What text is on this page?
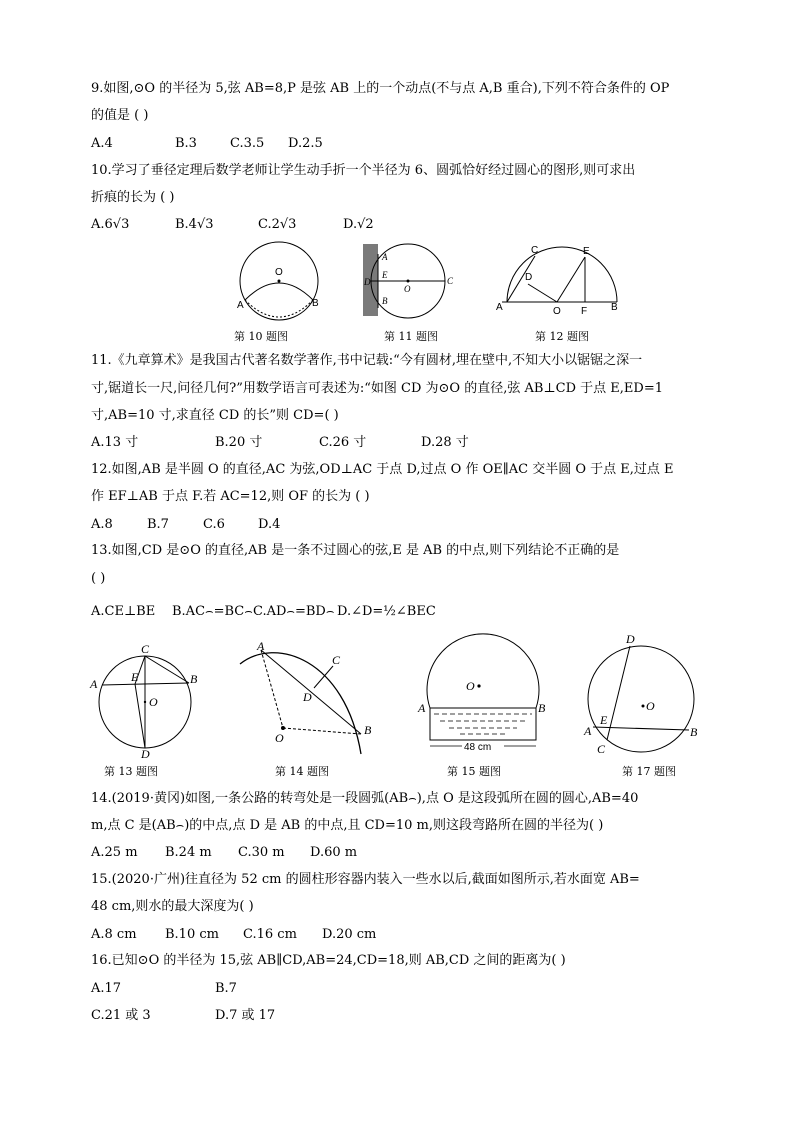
9.如图,⊙O 的半径为 5,弦 AB=8,P 是弦 AB 上的一个动点(不与点 A,B 重合),下列不符合条件的 OP
的值是 ( )
A.4	B.3	C.3.5 D.2.5
10.学习了垂径定理后数学老师让学生动手折一个半径为 6、圆弧恰好经过圆心的图形,则可求出
折痕的长为 ( )
A.6√3	B.4√3	C.2√3	D.√2
O
A	B
A
E
D
O
C
B
C	E
D
A	O F B
第 10 题图	第 11 题图	第 12 题图
11.《九章算术》是我国古代著名数学著作,书中记载:“今有圆材,埋在壁中,不知大小以锯锯之深一
寸,锯道长一尺,问径几何?”用数学语言可表述为:“如图 CD 为⊙O 的直径,弦 AB⊥CD 于点 E,ED=1
寸,AB=10 寸,求直径 CD 的长”则 CD=( )
A.13 寸	B.20 寸	C.26 寸	D.28 寸
12.如图,AB 是半圆 O 的直径,AC 为弦,OD⊥AC 于点 D,过点 O 作 OE∥AC 交半圆 O 于点 E,过点 E
作 EF⊥AB 于点 F.若 AC=12,则 OF 的长为 ( )
A.8	B.7	C.6	D.4
13.如图,CD 是⊙O 的直径,AB 是一条不过圆心的弦,E 是 AB 的中点,则下列结论不正确的是
( )
A.CE⊥BE B.AC⌢=BC⌢ C.AD⌢=BD⌢ D.∠D=½∠BEC
C
A	E	B
O
D
A
C
D
O
B
O
A	B
48 cm
D
O
E
A
C
B
第 13 题图	第 14 题图	第 15 题图	第 17 题图
14.(2019·黄冈)如图,一条公路的转弯处是一段圆弧(AB⌢),点 O 是这段弧所在圆的圆心,AB=40
m,点 C 是(AB⌢)的中点,点 D 是 AB 的中点,且 CD=10 m,则这段弯路所在圆的半径为( )
A.25 m B.24 m C.30 m D.60 m
15.(2020·广州)往直径为 52 cm 的圆柱形容器内装入一些水以后,截面如图所示,若水面宽 AB=
48 cm,则水的最大深度为( )
A.8 cm B.10 cm C.16 cm D.20 cm
16.已知⊙O 的半径为 15,弦 AB∥CD,AB=24,CD=18,则 AB,CD 之间的距离为( )
A.17	B.7
C.21 或 3	D.7 或 17
